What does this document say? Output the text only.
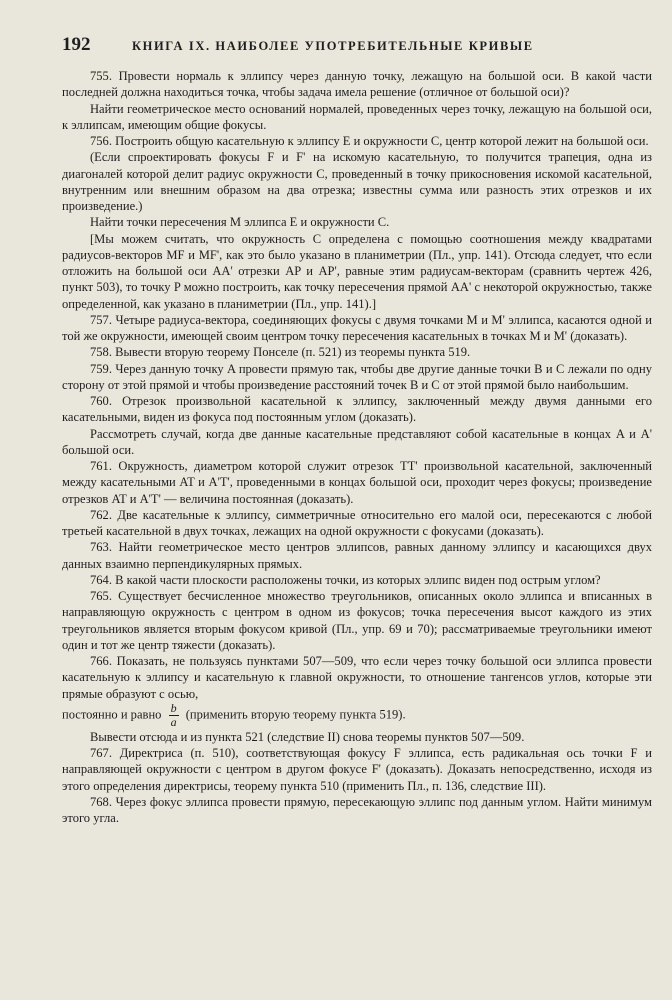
192	КНИГА IX. НАИБОЛЕЕ УПОТРЕБИТЕЛЬНЫЕ КРИВЫЕ

755. Провести нормаль к эллипсу через данную точку, лежащую на большой оси. В какой части последней должна находиться точка, чтобы задача имела решение (отличное от большой оси)?

Найти геометрическое место оснований нормалей, проведенных через точку, лежащую на большой оси, к эллипсам, имеющим общие фокусы.

756. Построить общую касательную к эллипсу E и окружности C, центр которой лежит на большой оси.

(Если спроектировать фокусы F и F' на искомую касательную, то получится трапеция, одна из диагоналей которой делит радиус окружности C, проведенный в точку прикосновения искомой касательной, внутренним или внешним образом на два отрезка; известны сумма или разность этих отрезков и их произведение.)

Найти точки пересечения M эллипса E и окружности C.

[Мы можем считать, что окружность C определена с помощью соотношения между квадратами радиусов-векторов MF и MF', как это было указано в планиметрии (Пл., упр. 141). Отсюда следует, что если отложить на большой оси AA' отрезки AP и AP', равные этим радиусам-векторам (сравнить чертеж 426, пункт 503), то точку P можно построить, как точку пересечения прямой AA' с некоторой окружностью, также определенной, как указано в планиметрии (Пл., упр. 141).]

757. Четыре радиуса-вектора, соединяющих фокусы с двумя точками M и M' эллипса, касаются одной и той же окружности, имеющей своим центром точку пересечения касательных в точках M и M' (доказать).

758. Вывести вторую теорему Понселе (п. 521) из теоремы пункта 519.

759. Через данную точку A провести прямую так, чтобы две другие данные точки B и C лежали по одну сторону от этой прямой и чтобы произведение расстояний точек B и C от этой прямой было наибольшим.

760. Отрезок произвольной касательной к эллипсу, заключенный между двумя данными его касательными, виден из фокуса под постоянным углом (доказать).

Рассмотреть случай, когда две данные касательные представляют собой касательные в концах A и A' большой оси.

761. Окружность, диаметром которой служит отрезок TT' произвольной касательной, заключенный между касательными AT и A'T', проведенными в концах большой оси, проходит через фокусы; произведение отрезков AT и A'T' — величина постоянная (доказать).

762. Две касательные к эллипсу, симметричные относительно его малой оси, пересекаются с любой третьей касательной в двух точках, лежащих на одной окружности с фокусами (доказать).

763. Найти геометрическое место центров эллипсов, равных данному эллипсу и касающихся двух данных взаимно перпендикулярных прямых.

764. В какой части плоскости расположены точки, из которых эллипс виден под острым углом?

765. Существует бесчисленное множество треугольников, описанных около эллипса и вписанных в направляющую окружность с центром в одном из фокусов; точка пересечения высот каждого из этих треугольников является вторым фокусом кривой (Пл., упр. 69 и 70); рассматриваемые треугольники имеют один и тот же центр тяжести (доказать).

766. Показать, не пользуясь пунктами 507—509, что если через точку большой оси эллипса провести касательную к эллипсу и касательную к главной окружности, то отношение тангенсов углов, которые эти прямые образуют с осью,

постоянно и равно $\frac{b}{a}$ (применить вторую теорему пункта 519).

Вывести отсюда и из пункта 521 (следствие II) снова теоремы пунктов 507—509.

767. Директриса (п. 510), соответствующая фокусу F эллипса, есть радикальная ось точки F и направляющей окружности с центром в другом фокусе F' (доказать). Доказать непосредственно, исходя из этого определения директрисы, теорему пункта 510 (применить Пл., п. 136, следствие III).

768. Через фокус эллипса провести прямую, пересекающую эллипс под данным углом. Найти минимум этого угла.
